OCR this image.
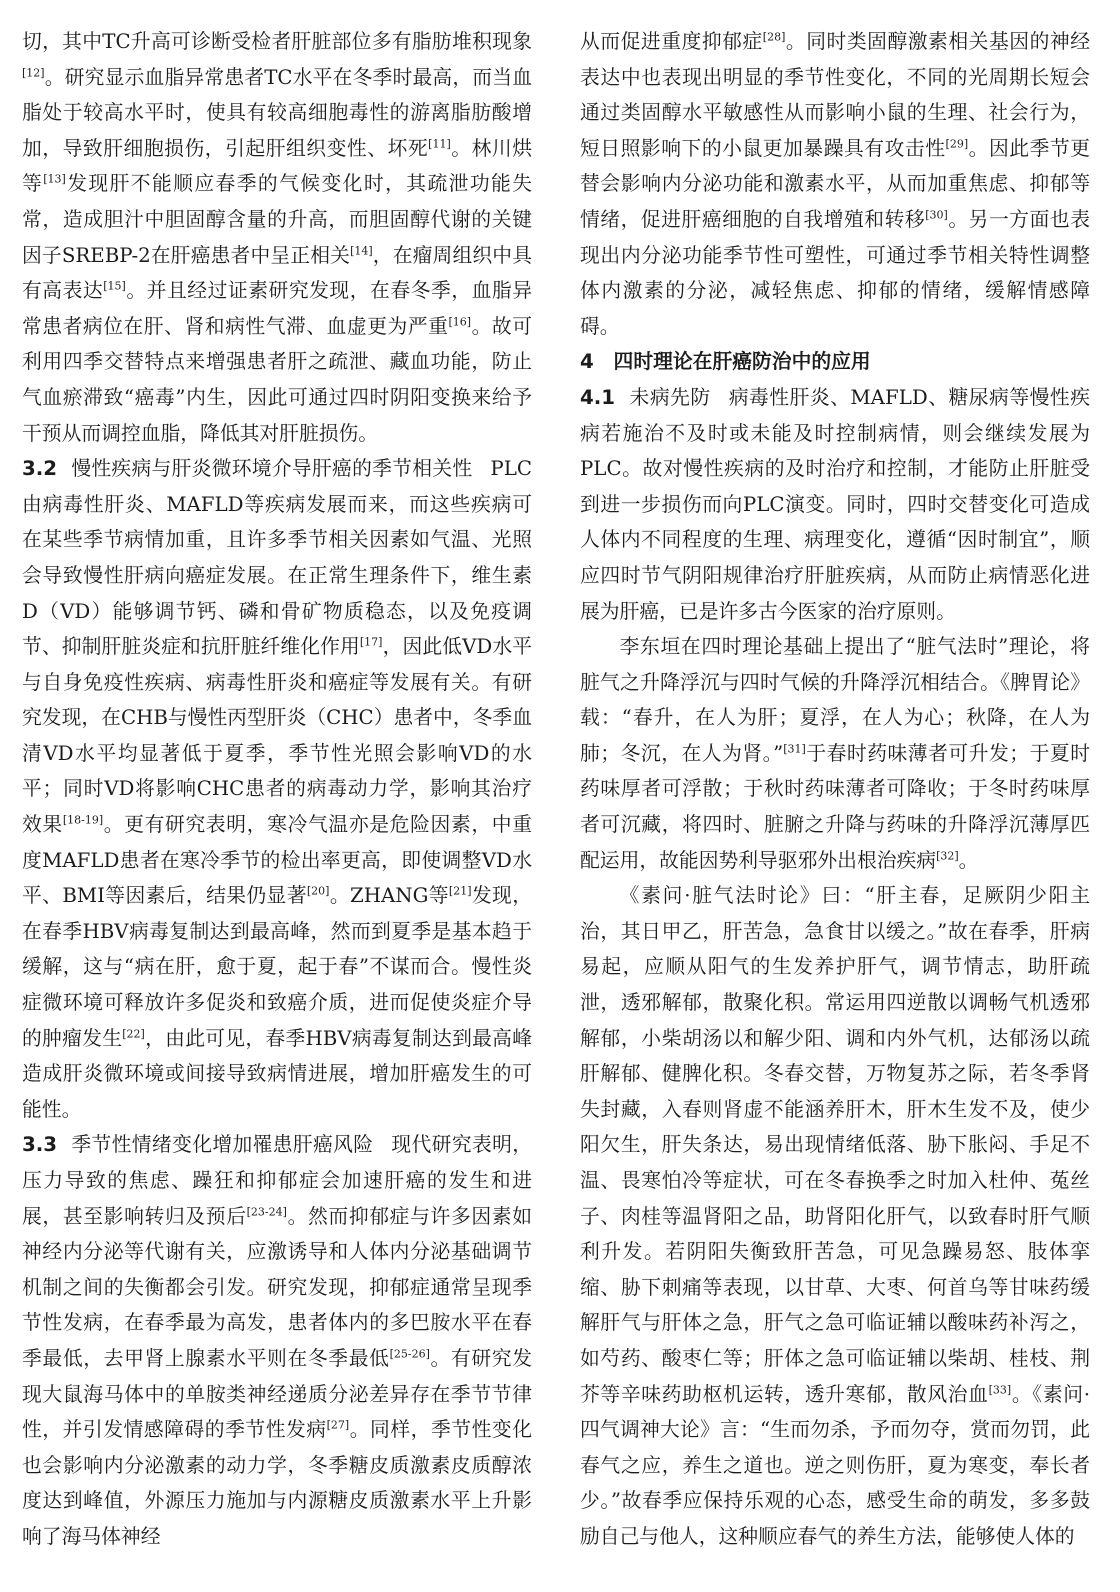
切，其中TC升高可诊断受检者肝脏部位多有脂肪堆积现象[12]。研究显示血脂异常患者TC水平在冬季时最高，而当血脂处于较高水平时，使具有较高细胞毒性的游离脂肪酸增加，导致肝细胞损伤，引起肝组织变性、坏死[11]。林川烘等[13]发现肝不能顺应春季的气候变化时，其疏泄功能失常，造成胆汁中胆固醇含量的升高，而胆固醇代谢的关键因子SREBP-2在肝癌患者中呈正相关[14]，在瘤周组织中具有高表达[15]。并且经过证素研究发现，在春冬季，血脂异常患者病位在肝、肾和病性气滞、血虚更为严重[16]。故可利用四季交替特点来增强患者肝之疏泄、藏血功能，防止气血瘀滞致“癌毒”内生，因此可通过四时阴阳变换来给予干预从而调控血脂，降低其对肝脏损伤。

3.2 慢性疾病与肝炎微环境介导肝癌的季节相关性 PLC由病毒性肝炎、MAFLD等疾病发展而来，而这些疾病可在某些季节病情加重，且许多季节相关因素如气温、光照会导致慢性肝病向癌症发展。在正常生理条件下，维生素D（VD）能够调节钙、磷和骨矿物质稳态，以及免疫调节、抑制肝脏炎症和抗肝脏纤维化作用[17]，因此低VD水平与自身免疫性疾病、病毒性肝炎和癌症等发展有关。有研究发现，在CHB与慢性丙型肝炎（CHC）患者中，冬季血清VD水平均显著低于夏季，季节性光照会影响VD的水平；同时VD将影响CHC患者的病毒动力学，影响其治疗效果[18-19]。更有研究表明，寒冷气温亦是危险因素，中重度MAFLD患者在寒冷季节的检出率更高，即使调整VD水平、BMI等因素后，结果仍显著[20]。ZHANG等[21]发现，在春季HBV病毒复制达到最高峰，然而到夏季是基本趋于缓解，这与“病在肝，愈于夏，起于春”不谋而合。慢性炎症微环境可释放许多促炎和致癌介质，进而促使炎症介导的肿瘤发生[22]，由此可见，春季HBV病毒复制达到最高峰造成肝炎微环境或间接导致病情进展，增加肝癌发生的可能性。

3.3 季节性情绪变化增加罹患肝癌风险 现代研究表明，压力导致的焦虑、躁狂和抑郁症会加速肝癌的发生和进展，甚至影响转归及预后[23-24]。然而抑郁症与许多因素如神经内分泌等代谢有关，应激诱导和人体内分泌基础调节机制之间的失衡都会引发。研究发现，抑郁症通常呈现季节性发病，在春季最为高发，患者体内的多巴胺水平在春季最低，去甲肾上腺素水平则在冬季最低[25-26]。有研究发现大鼠海马体中的单胺类神经递质分泌差异存在季节节律性，并引发情感障碍的季节性发病[27]。同样，季节性变化也会影响内分泌激素的动力学，冬季糖皮质激素皮质醇浓度达到峰值，外源压力施加与内源糖皮质激素水平上升影响了海马体神经

从而促进重度抑郁症[28]。同时类固醇激素相关基因的神经表达中也表现出明显的季节性变化，不同的光周期长短会通过类固醇水平敏感性从而影响小鼠的生理、社会行为，短日照影响下的小鼠更加暴躁具有攻击性[29]。因此季节更替会影响内分泌功能和激素水平，从而加重焦虑、抑郁等情绪，促进肝癌细胞的自我增殖和转移[30]。另一方面也表现出内分泌功能季节性可塑性，可通过季节相关特性调整体内激素的分泌，减轻焦虑、抑郁的情绪，缓解情感障碍。

4　四时理论在肝癌防治中的应用

4.1 未病先防 病毒性肝炎、MAFLD、糖尿病等慢性疾病若施治不及时或未能及时控制病情，则会继续发展为PLC。故对慢性疾病的及时治疗和控制，才能防止肝脏受到进一步损伤而向PLC演变。同时，四时交替变化可造成人体内不同程度的生理、病理变化，遵循“因时制宜”，顺应四时节气阴阳规律治疗肝脏疾病，从而防止病情恶化进展为肝癌，已是许多古今医家的治疗原则。

李东垣在四时理论基础上提出了“脏气法时”理论，将脏气之升降浮沉与四时气候的升降浮沉相结合。《脾胃论》载：“春升，在人为肝；夏浮，在人为心；秋降，在人为肺；冬沉，在人为肾。”[31]于春时药味薄者可升发；于夏时药味厚者可浮散；于秋时药味薄者可降收；于冬时药味厚者可沉藏，将四时、脏腑之升降与药味的升降浮沉薄厚匹配运用，故能因势利导驱邪外出根治疾病[32]。

《素问·脏气法时论》曰：“肝主春，足厥阴少阳主治，其日甲乙，肝苦急，急食甘以缓之。”故在春季，肝病易起，应顺从阳气的生发养护肝气，调节情志，助肝疏泄，透邪解郁，散聚化积。常运用四逆散以调畅气机透邪解郁，小柴胡汤以和解少阳、调和内外气机，达郁汤以疏肝解郁、健脾化积。冬春交替，万物复苏之际，若冬季肾失封藏，入春则肾虚不能涵养肝木，肝木生发不及，使少阳欠生，肝失条达，易出现情绪低落、胁下胀闷、手足不温、畏寒怕冷等症状，可在冬春换季之时加入杜仲、菟丝子、肉桂等温肾阳之品，助肾阳化肝气，以致春时肝气顺利升发。若阴阳失衡致肝苦急，可见急躁易怒、肢体挛缩、胁下刺痛等表现，以甘草、大枣、何首乌等甘味药缓解肝气与肝体之急，肝气之急可临证辅以酸味药补泻之，如芍药、酸枣仁等；肝体之急可临证辅以柴胡、桂枝、荆芥等辛味药助枢机运转，透升寒郁，散风治血[33]。《素问·四气调神大论》言：“生而勿杀，予而勿夺，赏而勿罚，此春气之应，养生之道也。逆之则伤肝，夏为寒变，奉长者少。”故春季应保持乐观的心态，感受生命的萌发，多多鼓励自己与他人，这种顺应春气的养生方法，能够使人体的
